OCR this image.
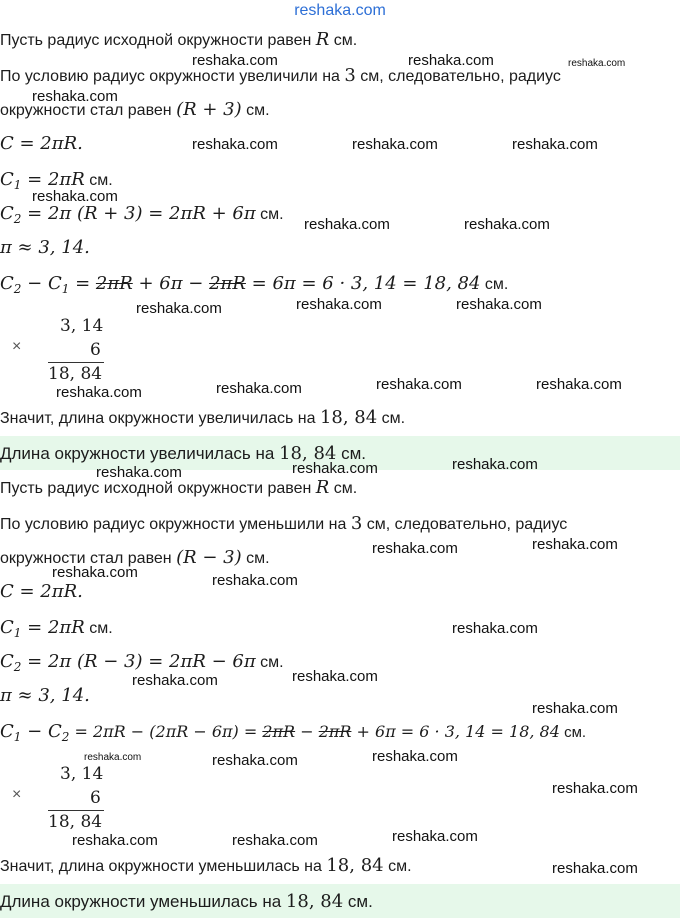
reshaka.com
Пусть радиус исходной окружности равен R см.
По условию радиус окружности увеличили на 3 см, следовательно, радиус
окружности стал равен (R + 3) см.
C = 2πR.
$C_1 = 2\pi R$ см.
$C_2 = 2\pi$ (R + 3) = 2πR + 6π см.
π ≈ 3, 14.
$C_2 - C_1 = 2\pi R + 6\pi - 2\pi R = 6\pi = 6 \cdot 3$, 14 = 18, 84 см.
×
3, 14
6
18, 84
Значит, длина окружности увеличилась на 18, 84 см.
Длина окружности увеличилась на 18, 84 см.
Пусть радиус исходной окружности равен R см.
По условию радиус окружности уменьшили на 3 см, следовательно, радиус
окружности стал равен (R − 3) см.
C = 2πR.
$C_1 = 2\pi R$ см.
$C_2 = 2\pi$ (R − 3) = 2πR − 6π см.
π ≈ 3, 14.
$C_1 - C_2 = 2\pi R - (2\pi R - 6\pi) = 2\pi R - 2\pi R + 6\pi = 6 \cdot 3$, 14 = 18, 84 см.
×
3, 14
6
18, 84
Значит, длина окружности уменьшилась на 18, 84 см.
Длина окружности уменьшилась на 18, 84 см.
reshaka.com	reshaka.com	reshaka.com
reshaka.com
reshaka.com	reshaka.com	reshaka.com
reshaka.com
reshaka.com	reshaka.com
reshaka.com	reshaka.com
reshaka.com
reshaka.com	reshaka.com
reshaka.com
reshaka.com
reshaka.com
reshaka.com
reshaka.com
reshaka.com
reshaka.com
reshaka.com	reshaka.com
reshaka.com
reshaka.com
reshaka.com
reshaka.com
reshaka.com	reshaka.com
reshaka.com
reshaka.com
reshaka.com
reshaka.com	reshaka.com
reshaka.com
